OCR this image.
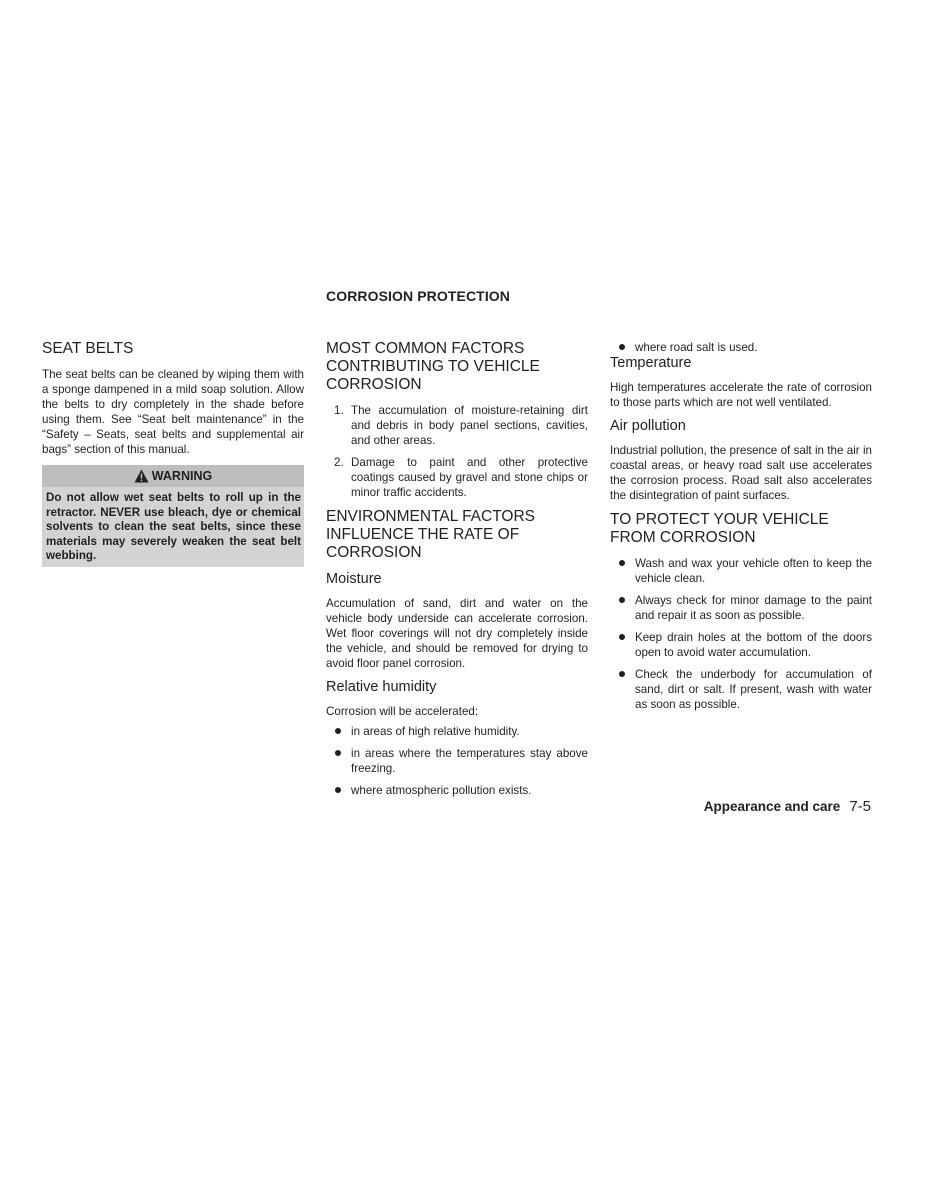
CORROSION PROTECTION
SEAT BELTS

The seat belts can be cleaned by wiping them with a sponge dampened in a mild soap solution. Allow the belts to dry completely in the shade before using them. See “Seat belt maintenance” in the “Safety – Seats, seat belts and supplemental air bags” section of this manual.

WARNING
Do not allow wet seat belts to roll up in the retractor. NEVER use bleach, dye or chemical solvents to clean the seat belts, since these materials may severely weaken the seat belt webbing.
MOST COMMON FACTORS CONTRIBUTING TO VEHICLE CORROSION
1. The accumulation of moisture-retaining dirt and debris in body panel sections, cavities, and other areas.
2. Damage to paint and other protective coatings caused by gravel and stone chips or minor traffic accidents.
ENVIRONMENTAL FACTORS INFLUENCE THE RATE OF CORROSION
Moisture

Accumulation of sand, dirt and water on the vehicle body underside can accelerate corrosion. Wet floor coverings will not dry completely inside the vehicle, and should be removed for drying to avoid floor panel corrosion.

Relative humidity

Corrosion will be accelerated:

in areas of high relative humidity.
in areas where the temperatures stay above freezing.
where atmospheric pollution exists.
where road salt is used.
Temperature

High temperatures accelerate the rate of corrosion to those parts which are not well ventilated.

Air pollution

Industrial pollution, the presence of salt in the air in coastal areas, or heavy road salt use accelerates the corrosion process. Road salt also accelerates the disintegration of paint surfaces.

TO PROTECT YOUR VEHICLE FROM CORROSION
Wash and wax your vehicle often to keep the vehicle clean.
Always check for minor damage to the paint and repair it as soon as possible.
Keep drain holes at the bottom of the doors open to avoid water accumulation.
Check the underbody for accumulation of sand, dirt or salt. If present, wash with water as soon as possible.
Appearance and care 7-5
